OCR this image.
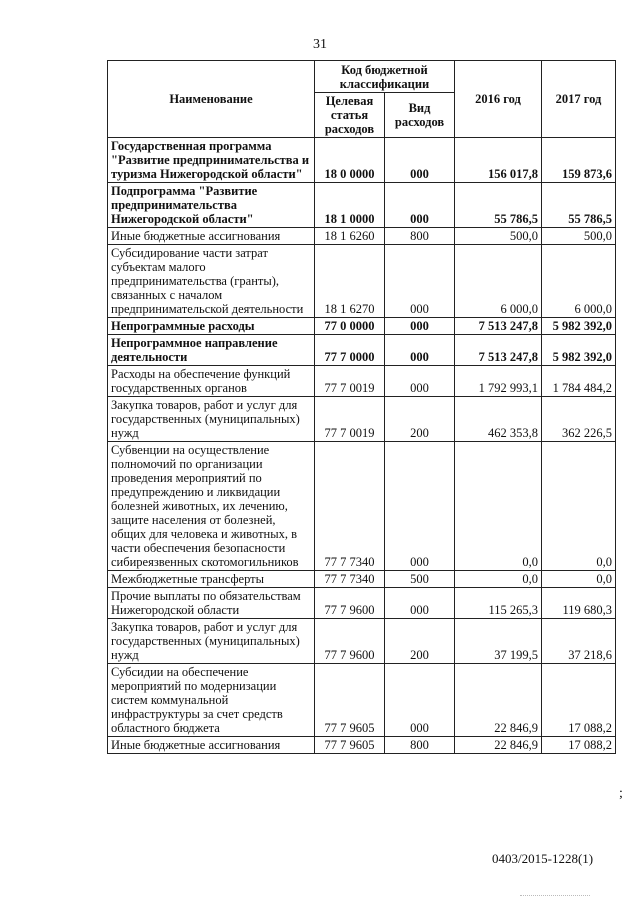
31
Наименование	Код бюджетной классификации		2016 год	2017 год
	Целевая статья расходов	Вид расходов		
Государственная программа "Развитие предпринимательства и туризма Нижегородской области"	18 0 0000	000	156 017,8	159 873,6
Подпрограмма "Развитие предпринимательства Нижегородской области"	18 1 0000	000	55 786,5	55 786,5
Иные бюджетные ассигнования	18 1 6260	800	500,0	500,0
Субсидирование части затрат субъектам малого предпринимательства (гранты), связанных с началом предпринимательской деятельности	18 1 6270	000	6 000,0	6 000,0
Непрограммные расходы	77 0 0000	000	7 513 247,8	5 982 392,0
Непрограммное направление деятельности	77 7 0000	000	7 513 247,8	5 982 392,0
Расходы на обеспечение функций государственных органов	77 7 0019	000	1 792 993,1	1 784 484,2
Закупка товаров, работ и услуг для государственных (муниципальных) нужд	77 7 0019	200	462 353,8	362 226,5
Субвенции на осуществление полномочий по организации проведения мероприятий по предупреждению и ликвидации болезней животных, их лечению, защите населения от болезней, общих для человека и животных, в части обеспечения безопасности сибиреязвенных скотомогильников	77 7 7340	000	0,0	0,0
Межбюджетные трансферты	77 7 7340	500	0,0	0,0
Прочие выплаты по обязательствам Нижегородской области	77 7 9600	000	115 265,3	119 680,3
Закупка товаров, работ и услуг для государственных (муниципальных) нужд	77 7 9600	200	37 199,5	37 218,6
Субсидии на обеспечение мероприятий по модернизации систем коммунальной инфраструктуры за счет средств областного бюджета	77 7 9605	000	22 846,9	17 088,2
Иные бюджетные ассигнования	77 7 9605	800	22 846,9	17 088,2
;
0403/2015-1228(1)
